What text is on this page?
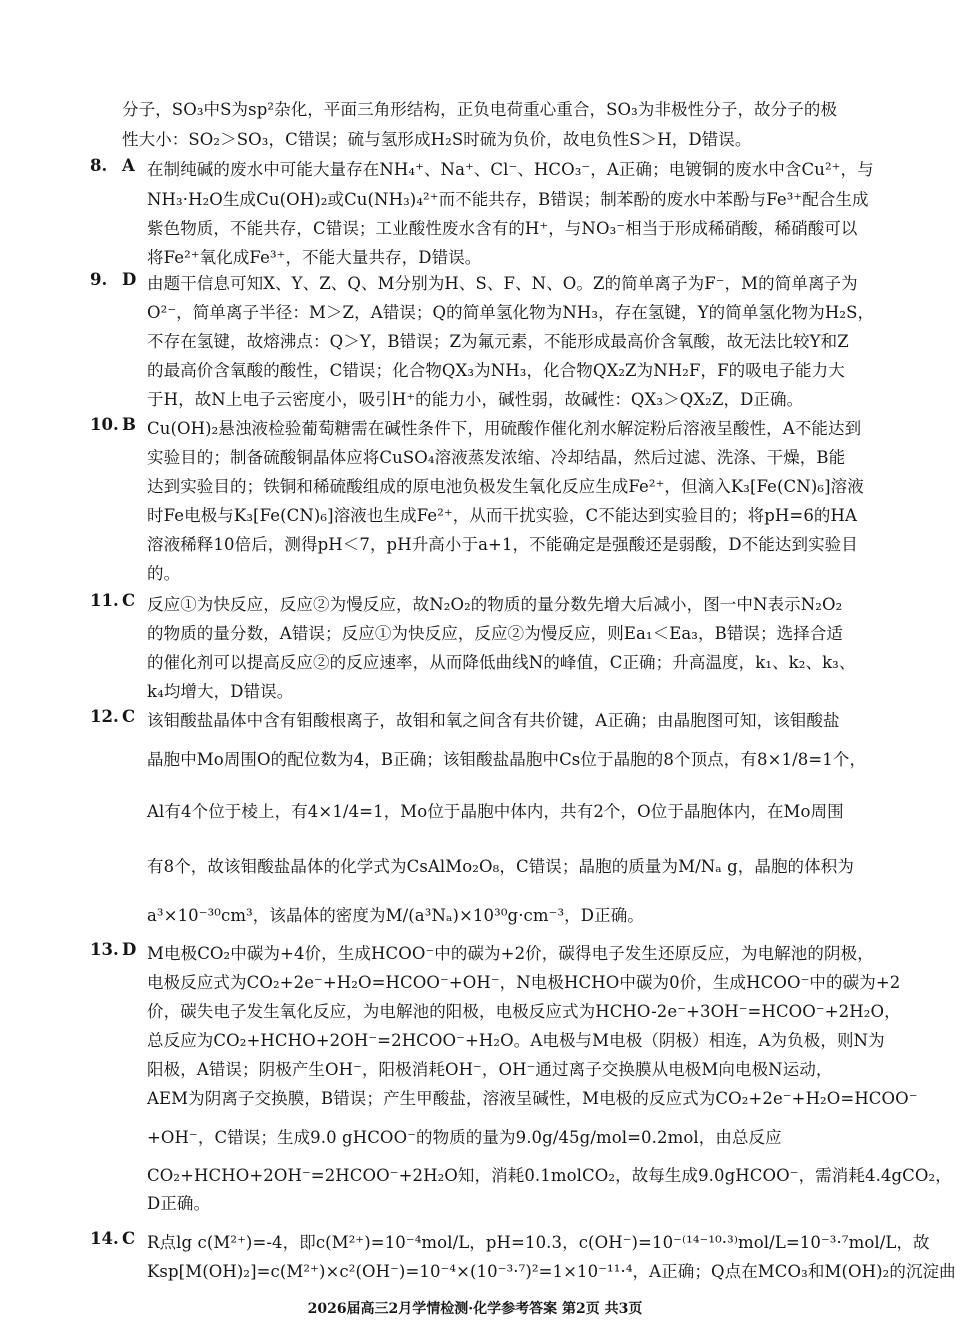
分子，SO₃中S为sp²杂化，平面三角形结构，正负电荷重心重合，SO₃为非极性分子，故分子的极
性大小：SO₂＞SO₃，C错误；硫与氢形成H₂S时硫为负价，故电负性S＞H，D错误。
8. A 在制纯碱的废水中可能大量存在NH₄⁺、Na⁺、Cl⁻、HCO₃⁻，A正确；电镀铜的废水中含Cu²⁺，与
NH₃·H₂O生成Cu(OH)₂或Cu(NH₃)₄²⁺而不能共存，B错误；制苯酚的废水中苯酚与Fe³⁺配合生成
紫色物质，不能共存，C错误；工业酸性废水含有的H⁺，与NO₃⁻相当于形成稀硝酸，稀硝酸可以
将Fe²⁺氧化成Fe³⁺，不能大量共存，D错误。
9. D 由题干信息可知X、Y、Z、Q、M分别为H、S、F、N、O。Z的简单离子为F⁻，M的简单离子为
O²⁻，简单离子半径：M＞Z，A错误；Q的简单氢化物为NH₃，存在氢键，Y的简单氢化物为H₂S，
不存在氢键，故熔沸点：Q＞Y，B错误；Z为氟元素，不能形成最高价含氧酸，故无法比较Y和Z
的最高价含氧酸的酸性，C错误；化合物QX₃为NH₃，化合物QX₂Z为NH₂F，F的吸电子能力大
于H，故N上电子云密度小，吸引H⁺的能力小，碱性弱，故碱性：QX₃＞QX₂Z，D正确。
10. B Cu(OH)₂悬浊液检验葡萄糖需在碱性条件下，用硫酸作催化剂水解淀粉后溶液呈酸性，A不能达到
实验目的；制备硫酸铜晶体应将CuSO₄溶液蒸发浓缩、冷却结晶，然后过滤、洗涤、干燥，B能
达到实验目的；铁铜和稀硫酸组成的原电池负极发生氧化反应生成Fe²⁺，但滴入K₃[Fe(CN)₆]溶液
时Fe电极与K₃[Fe(CN)₆]溶液也生成Fe²⁺，从而干扰实验，C不能达到实验目的；将pH=6的HA
溶液稀释10倍后，测得pH＜7，pH升高小于a+1，不能确定是强酸还是弱酸，D不能达到实验目
的。
11. C 反应①为快反应，反应②为慢反应，故N₂O₂的物质的量分数先增大后减小，图一中N表示N₂O₂
的物质的量分数，A错误；反应①为快反应，反应②为慢反应，则Ea₁＜Ea₃，B错误；选择合适
的催化剂可以提高反应②的反应速率，从而降低曲线N的峰值，C正确；升高温度，k₁、k₂、k₃、
k₄均增大，D错误。
12. C 该钼酸盐晶体中含有钼酸根离子，故钼和氧之间含有共价键，A正确；由晶胞图可知，该钼酸盐
晶胞中Mo周围O的配位数为4，B正确；该钼酸盐晶胞中Cs位于晶胞的8个顶点，有8×1/8=1个，
Al有4个位于棱上，有4×1/4=1，Mo位于晶胞中体内，共有2个，O位于晶胞体内，在Mo周围
有8个，故该钼酸盐晶体的化学式为CsAlMo₂O₈，C错误；晶胞的质量为M/Nₐ g，晶胞的体积为
a³×10⁻³⁰cm³，该晶体的密度为M/(a³Nₐ)×10³⁰g·cm⁻³，D正确。
13. D M电极CO₂中碳为+4价，生成HCOO⁻中的碳为+2价，碳得电子发生还原反应，为电解池的阴极，
电极反应式为CO₂+2e⁻+H₂O=HCOO⁻+OH⁻，N电极HCHO中碳为0价，生成HCOO⁻中的碳为+2
价，碳失电子发生氧化反应，为电解池的阳极，电极反应式为HCHO-2e⁻+3OH⁻=HCOO⁻+2H₂O，
总反应为CO₂+HCHO+2OH⁻=2HCOO⁻+H₂O。A电极与M电极（阴极）相连，A为负极，则N为
阳极，A错误；阴极产生OH⁻，阳极消耗OH⁻，OH⁻通过离子交换膜从电极M向电极N运动，
AEM为阴离子交换膜，B错误；产生甲酸盐，溶液呈碱性，M电极的反应式为CO₂+2e⁻+H₂O=HCOO⁻
+OH⁻，C错误；生成9.0 gHCOO⁻的物质的量为9.0g/45g/mol=0.2mol，由总反应
CO₂+HCHO+2OH⁻=2HCOO⁻+2H₂O知，消耗0.1molCO₂，故每生成9.0gHCOO⁻，需消耗4.4gCO₂，
D正确。
14. C R点lg c(M²⁺)=-4，即c(M²⁺)=10⁻⁴mol/L，pH=10.3，c(OH⁻)=10⁻⁽¹⁴⁻¹⁰·³⁾mol/L=10⁻³·⁷mol/L，故
Ksp[M(OH)₂]=c(M²⁺)×c²(OH⁻)=10⁻⁴×(10⁻³·⁷)²=1×10⁻¹¹·⁴，A正确；Q点在MCO₃和M(OH)₂的沉淀曲
2026届高三2月学情检测·化学参考答案 第2页 共3页
